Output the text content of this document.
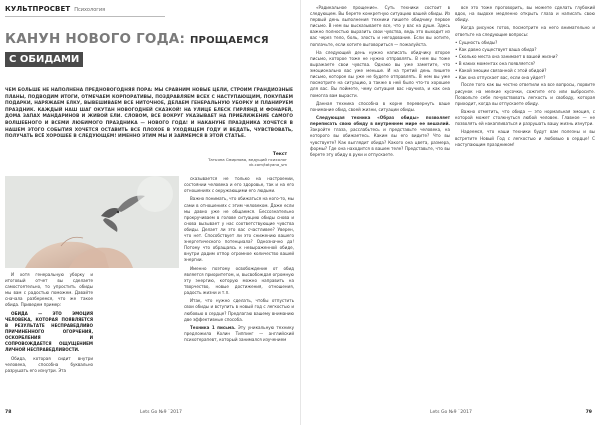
КУЛЬТПРОСВЕТ Психология
КАНУН НОВОГО ГОДА: ПРОЩАЕМСЯ С ОБИДАМИ
ЧЕМ БОЛЬШЕ НЕ НАПОЛНЕНА ПРЕДНОВОГОДНЯЯ ПОРА: МЫ СРАВНИМ НОВЫЕ ЦЕЛИ, СТРОИМ ГРАНДИОЗНЫЕ ПЛАНЫ, ПОДВОДИМ ИТОГИ, ОТМЕЧАЕМ КОРПОРАТИВЫ, ПОЗДРАВЛЯЕМ ВСЕХ С НАСТУПАЮЩИМ, ПОКУПАЕМ ПОДАРКИ, НАРЯЖАЕМ ЕЛКУ, ВЫВЕШИВАЕМ ВСЕ НИТОЧНОЕ, ДЕЛАЕМ ГЕНЕРАЛЬНУЮ УБОРКУ И ПЛАНИРУЕМ ПРАЗДНИК. КАЖДЫЙ НАШ ШАГ ОКУТАН НОВОГОДНЕЙ СКАЗКОЙ! НА УЛИЦЕ БЛЕСК ГИРЛЯНД И ФОНАРЕЙ, ДОМА ЗАПАХ МАНДАРИНОВ И ЖИВОЙ ЕЛИ. СЛОВОМ, ВСЕ ВОКРУГ УКАЗЫВАЕТ НА ПРИБЛИЖЕНИЕ САМОГО ВОЛШЕБНОГО И ВСЕМИ ЛЮБИМОГО ПРАЗДНИКА — НОВОГО ГОДА! И НАКАНУНЕ ПРАЗДНИКА ХОЧЕТСЯ В НАШЕМ ЭТОГО СОБЫТИЯ ХОЧЕТСЯ ОСТАВИТЬ ВСЕ ПЛОХОЕ В УХОДЯЩЕМ ГОДУ И ВЕДАТЬ, ЧУВСТВОВАТЬ, ПОЛУЧАТЬ ВСЁ ХОРОШЕЕ В СЛЕДУЮЩЕМ! ИМЕННО ЭТИМ МЫ И ЗАЙМЕМСЯ В ЭТОЙ СТАТЬЕ.
Текст
Татьяна Смирнова, ведущий психолог
vk.com/tatyana_sm

И хотя генеральную уборку и итоговый отчет вы сделаете самостоятельно, то упростить обиды мы вам с радостью поможем. Давайте сначала разберемся, что же такое обида. Приведем пример:

ОБИДА — ЭТО ЭМОЦИЯ ЧЕЛОВЕКА, КОТОРАЯ ПОЯВЛЯЕТСЯ В РЕЗУЛЬТАТЕ НЕСПРАВЕДЛИВО ПРИЧИНЕННОГО ОГОРЧЕНИЯ, ОСКОРБЛЕНИЯ И СОПРОВОЖДАЕТСЯ ОЩУЩЕНИЕМ ЛИЧНОЙ НЕСПРАВЕДЛИВОСТИ.

Обида, которая сидит внутри человека, способна буквально разрушать его изнутри. Эта

сказывается не только на настроении, состоянии человека и его здоровье, так и на его отношениях с окружающими его людьми.

Важно понимать, что обижаться на кого-то, мы сами в отношениях с этим человеком. Даже если мы давно уже не общаемся. Бессознательно прокручиваем в голове ситуацию обиды снова и снова вызывает у нас соответствующие чувства обиды. Делает ли это вас счастливее? Уверен, что нет. Способствует ли это снижению вашего энергетического потенциала? Однозначно да! Потому что обращаясь к невыраженной обиде, внутри дадим отпор огромное количество вашей энергии.

Именно поэтому освобождение от обид является приоритетом, и, высвобождая огромную эту энергию, которую можно направить на творчество, новые достижения, отношения, радость жизни и т.п.

Итак, что нужно сделать, чтобы отпустить свои обиды и вступить в новый год с легкостью и любовью в сердце? Предлагаю вашему вниманию две эффективные способа.

Техника 1 письма. Эту уникальную технику предложила Колин Типпинг — английский психотерапевт, который занимался изучением

«Радикальное прощение». Суть техники состоит в следующем. Вы берете конкретную ситуацию вашей обиды. Из первый день выполнения техники пишете обидчику первое письмо. В нем вы высказываете все, что у вас на душе. Здесь важно полностью выразить свои чувства, ведь это выходит из вас через тело, боль, злость и негодование. Если вы хотите, поплачьте, если хотите выговориться — пожалуйста.

На следующий день нужно написать обидчику второе письмо, которое тоже не нужно отправлять. В нем вы тоже выражаете свои чувства. Однако вы уже заметите, что эмоционально вас уже меньше. И на третий день пишете письмо, которое вы уже не будете отправлять. В нем вы уже посмотрите на ситуацию, а также в ней было что-то хорошее для вас. Вы поймете, чему ситуация вас научила, и как она помогла вам вырасти.

Данная техника способна в корне перевернуть ваше понимание обид, своей жизни, ситуации обиды.

Следующая техника «Образ обиды» позволяет переписать свою обиду в внутреннем мире ее вешалий. Закройте глаза, расслабьтесь и представьте человека, на которого вы обижаетесь. Каким вы его видите? Что вы чувствуете? Как выглядит обида? Какого она цвета, размера, формы? Где она находится в вашем теле? Представьте, что вы берете эту обиду в руки и отпускаете.

все это тоже проговорить, вы можете сделать глубокий вдох, на выдохе медленно открыть глаза и написать свою обиду.

Когда рисунок готов, посмотрите на него внимательно и ответьте на следующие вопросы:

• Сущность обиды?
• Как давно существует ваша обида?
• Сколько места она занимает в вашей жизни?
• В каких моментах она появляется?
• Какой эмоции связанной с этой обидой?
• Как она отпускает вас, если она уйдет?

После того как вы честно ответили на все вопросы, порвите рисунок на мелкие кусочки, сожгите его или выбросите. Позвольте себе почувствовать легкость и свободу, которая приходит, когда вы отпускаете обиду.

Важно отметить, что обида — это нормальная эмоция, с которой может столкнуться любой человек. Главное — не позволять ей накапливаться и разрушать вашу жизнь изнутри.

Надеемся, что наши техники будут вам полезны и вы встретите Новый Год с легкостью и любовью в сердце! С наступающим праздником!

78	Lets Go №9 `2017	Lets Go №9 `2017	79
